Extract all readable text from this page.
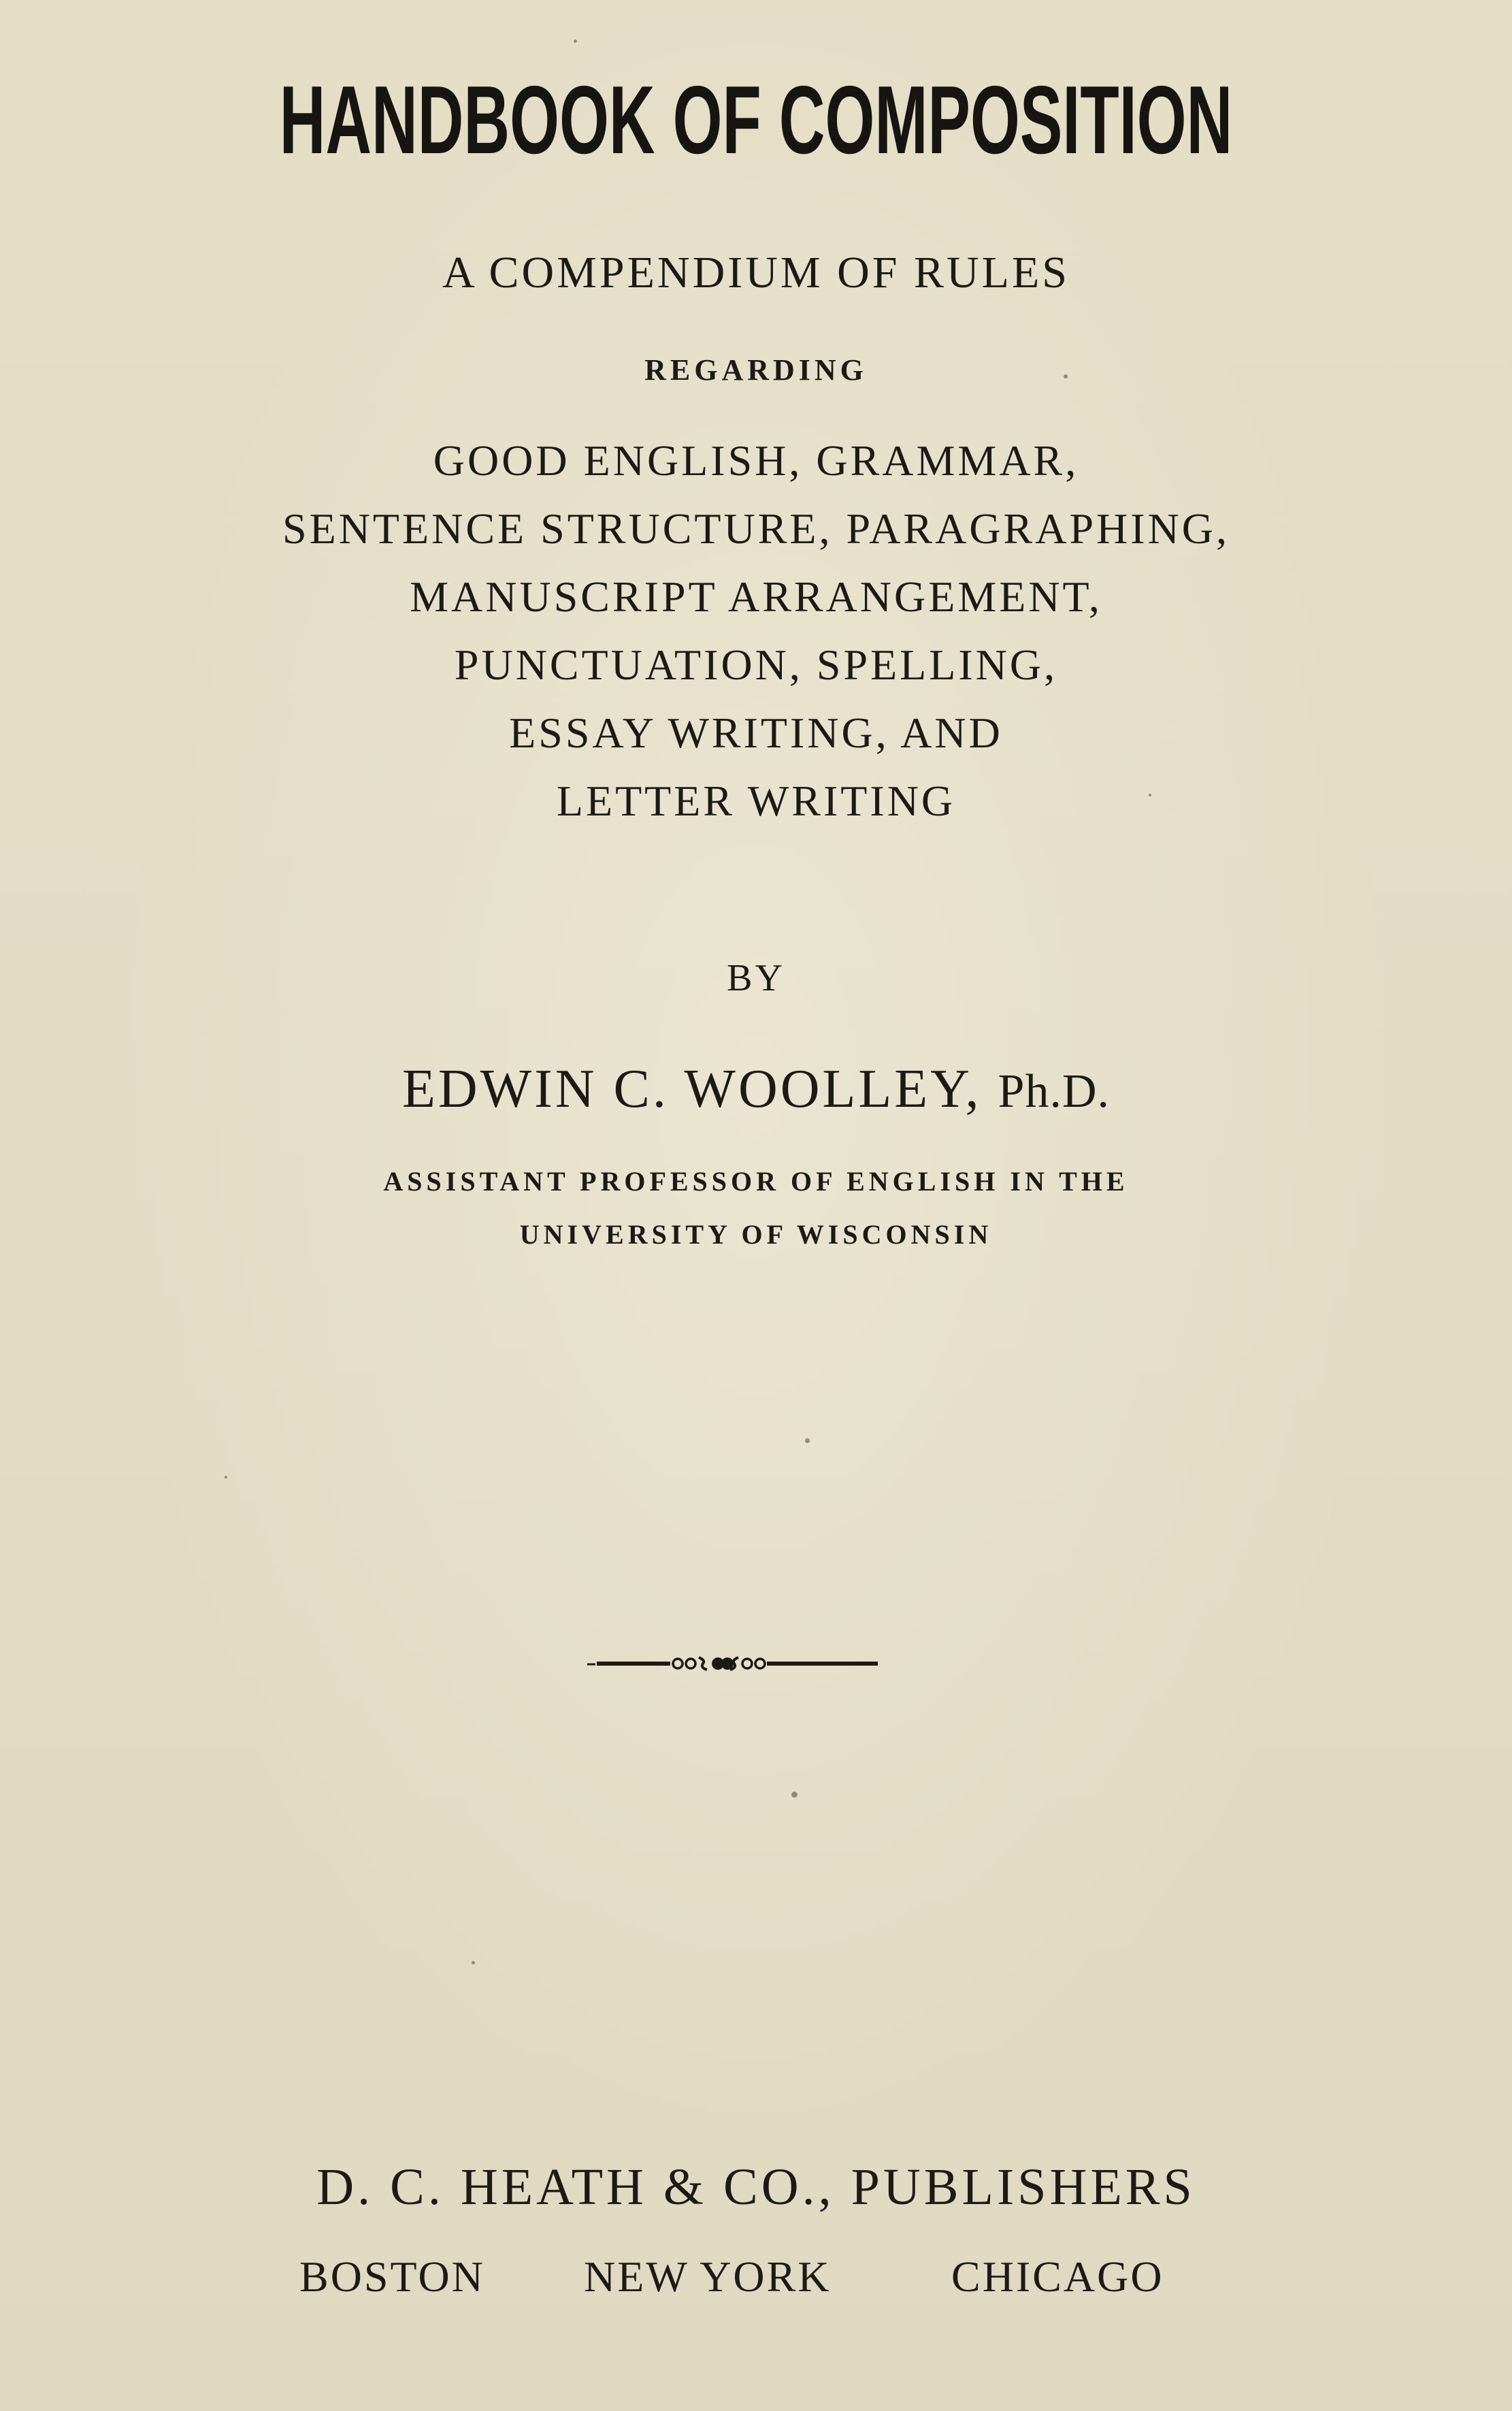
HANDBOOK OF COMPOSITION
A COMPENDIUM OF RULES
REGARDING
GOOD ENGLISH, GRAMMAR,
SENTENCE STRUCTURE, PARAGRAPHING,
MANUSCRIPT ARRANGEMENT,
PUNCTUATION, SPELLING,
ESSAY WRITING, AND
LETTER WRITING
BY
EDWIN C. WOOLLEY, Ph.D.
ASSISTANT PROFESSOR OF ENGLISH IN THE
UNIVERSITY OF WISCONSIN
D. C. HEATH & CO., PUBLISHERS
BOSTON NEW YORK	CHICAGO
